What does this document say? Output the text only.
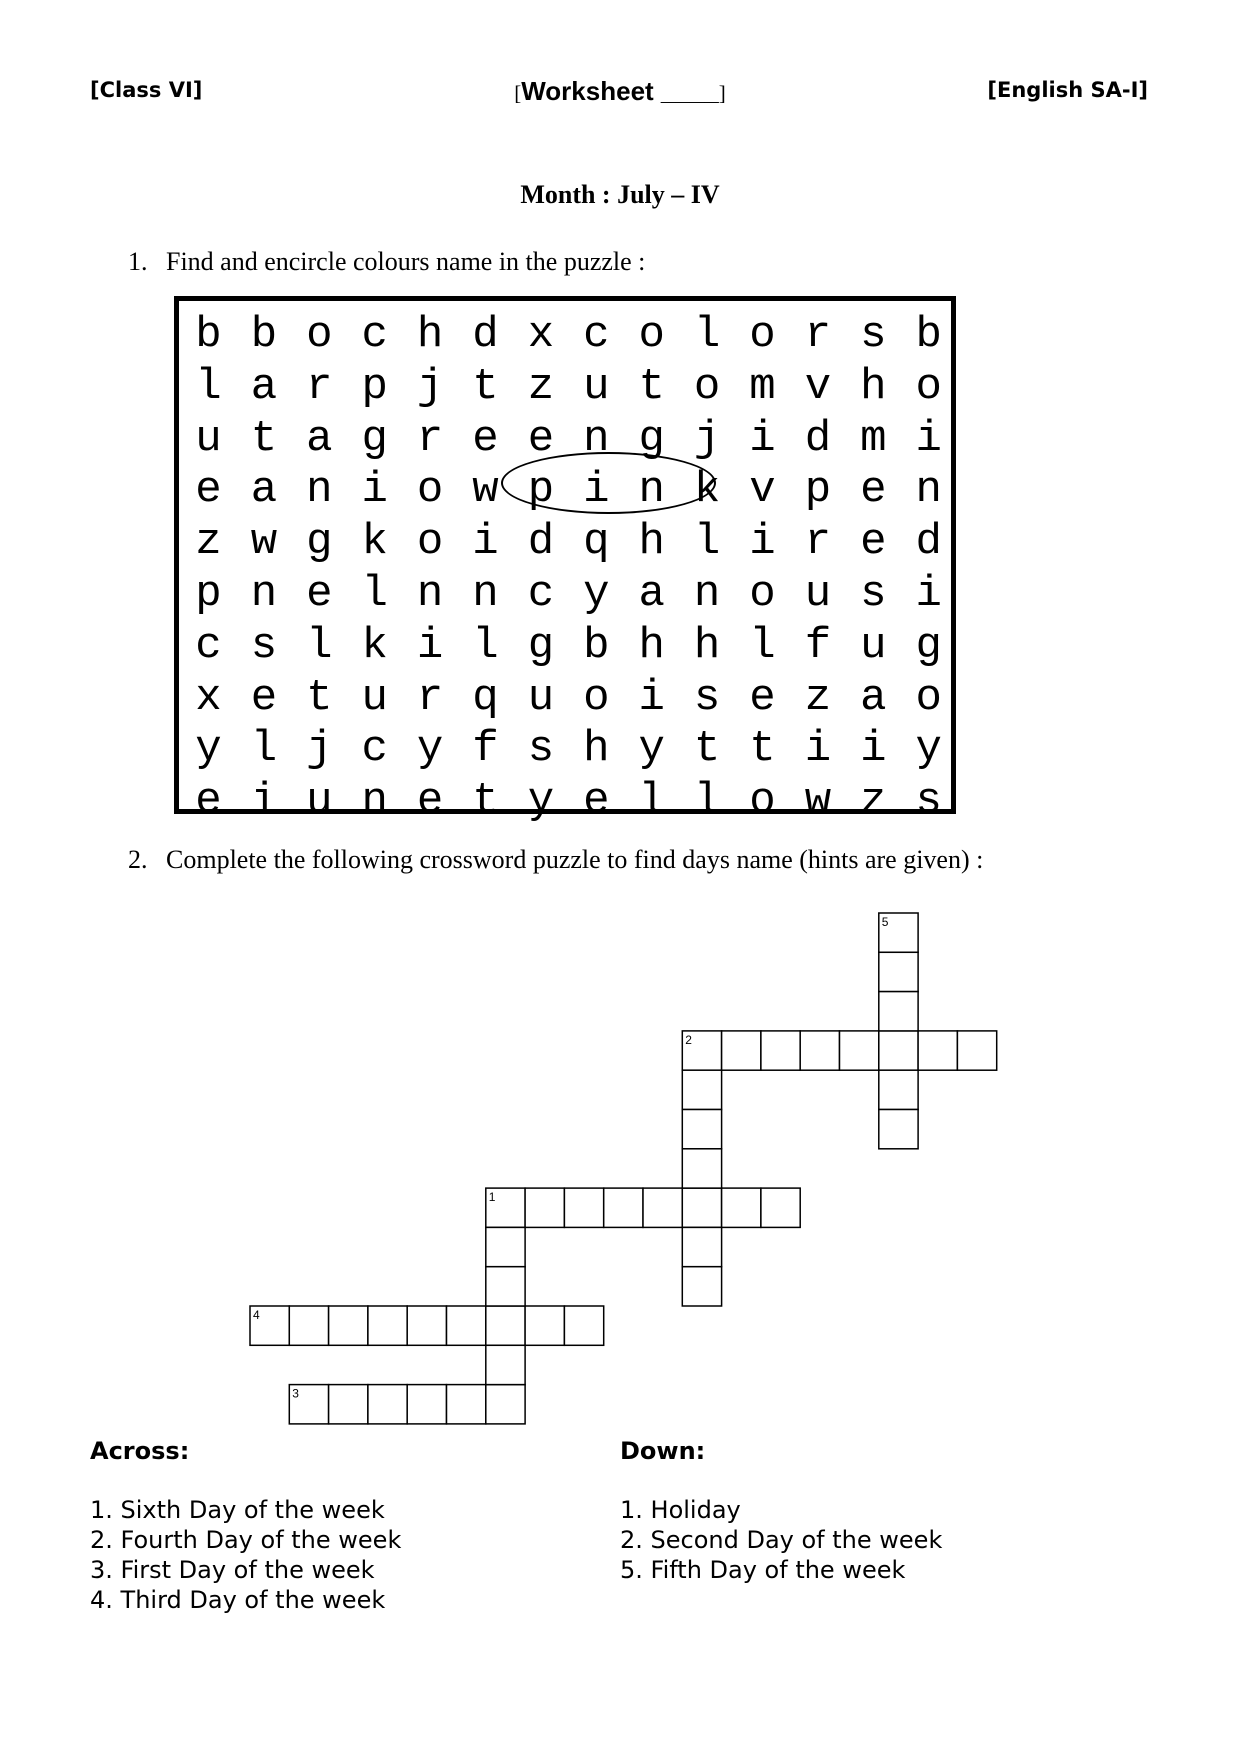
[Class VI]	[Worksheet ____]	[English SA-I]
Month : July – IV
1. Find and encircle colours name in the puzzle :
b b o c h d x c o l o r s b
l a r p j t z u t o m v h o
u t a g r e e n g j i d m i
e a n i o w p i n k v p e n
z w g k o i d q h l i r e d
p n e l n n c y a n o u s i
c s l k i l g b h h l f u g
x e t u r q u o i s e z a o
y l j c y f s h y t t i i y
e i u n e t y e l l o w z s
2. Complete the following crossword puzzle to find days name (hints are given) :
1
2
3
4
5
Across:	Down:
1. Sixth Day of the week
2. Fourth Day of the week
3. First Day of the week
4. Third Day of the week
1. Holiday
2. Second Day of the week
5. Fifth Day of the week
